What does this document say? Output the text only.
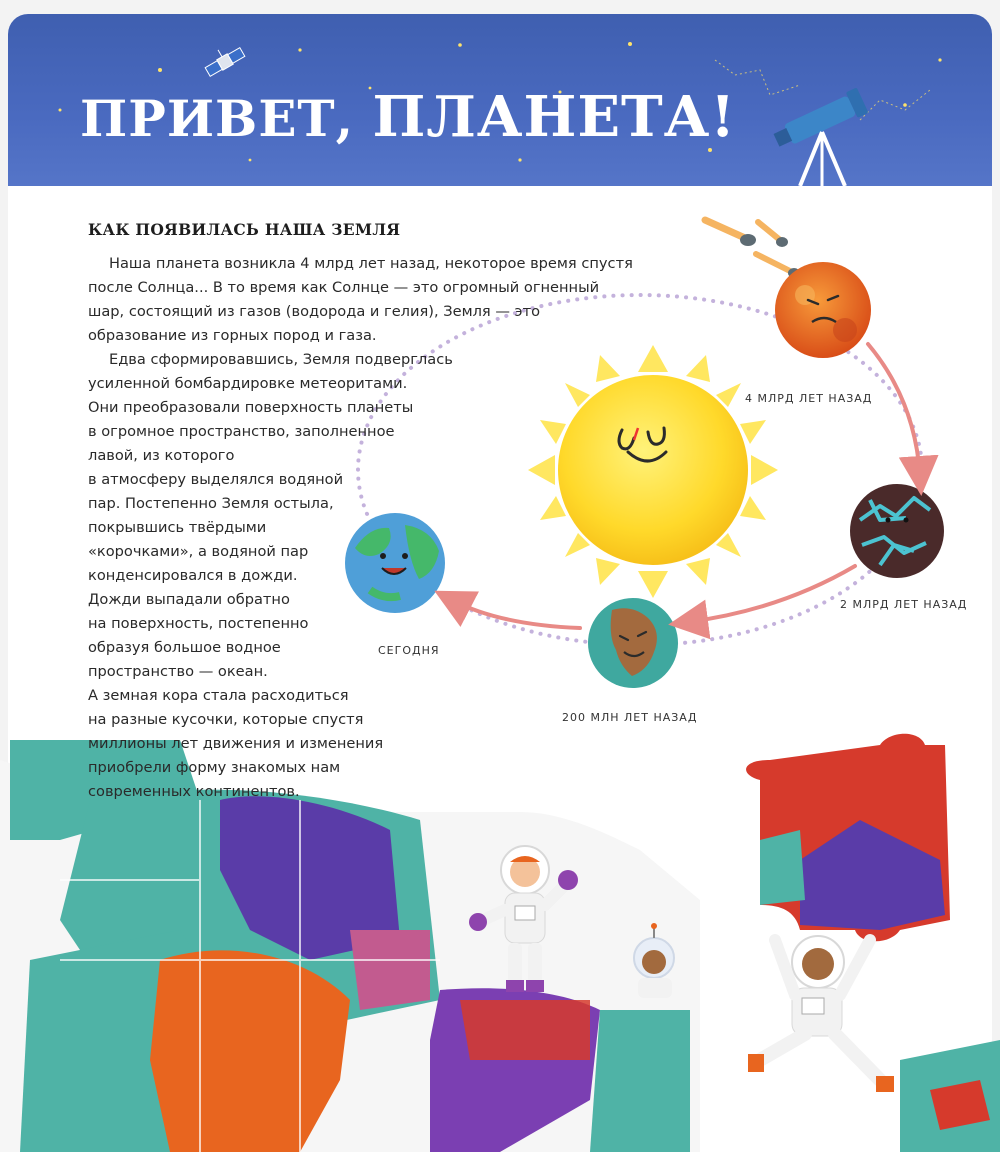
ПРИВЕТ, ПЛАНЕТА!
КАК ПОЯВИЛАСЬ НАША ЗЕМЛЯ
Наша планета возникла 4 млрд лет назад, некоторое время спустя
после Солнца... В то время как Солнце — это огромный огненный
шар, состоящий из газов (водорода и гелия), Земля — это
образование из горных пород и газа.
Едва сформировавшись, Земля подверглась
усиленной бомбардировке метеоритами.
Они преобразовали поверхность планеты
в огромное пространство, заполненное
лавой, из которого
в атмосферу выделялся водяной
пар. Постепенно Земля остыла,
покрывшись твёрдыми
«корочками», а водяной пар
конденсировался в дожди.
Дожди выпадали обратно
на поверхность, постепенно
образуя большое водное
пространство — океан.
А земная кора стала расходиться
на разные кусочки, которые спустя
миллионы лет движения и изменения
приобрели форму знакомых нам
современных континентов.
4 МЛРД ЛЕТ НАЗАД
2 МЛРД ЛЕТ НАЗАД
200 МЛН ЛЕТ НАЗАД
СЕГОДНЯ
